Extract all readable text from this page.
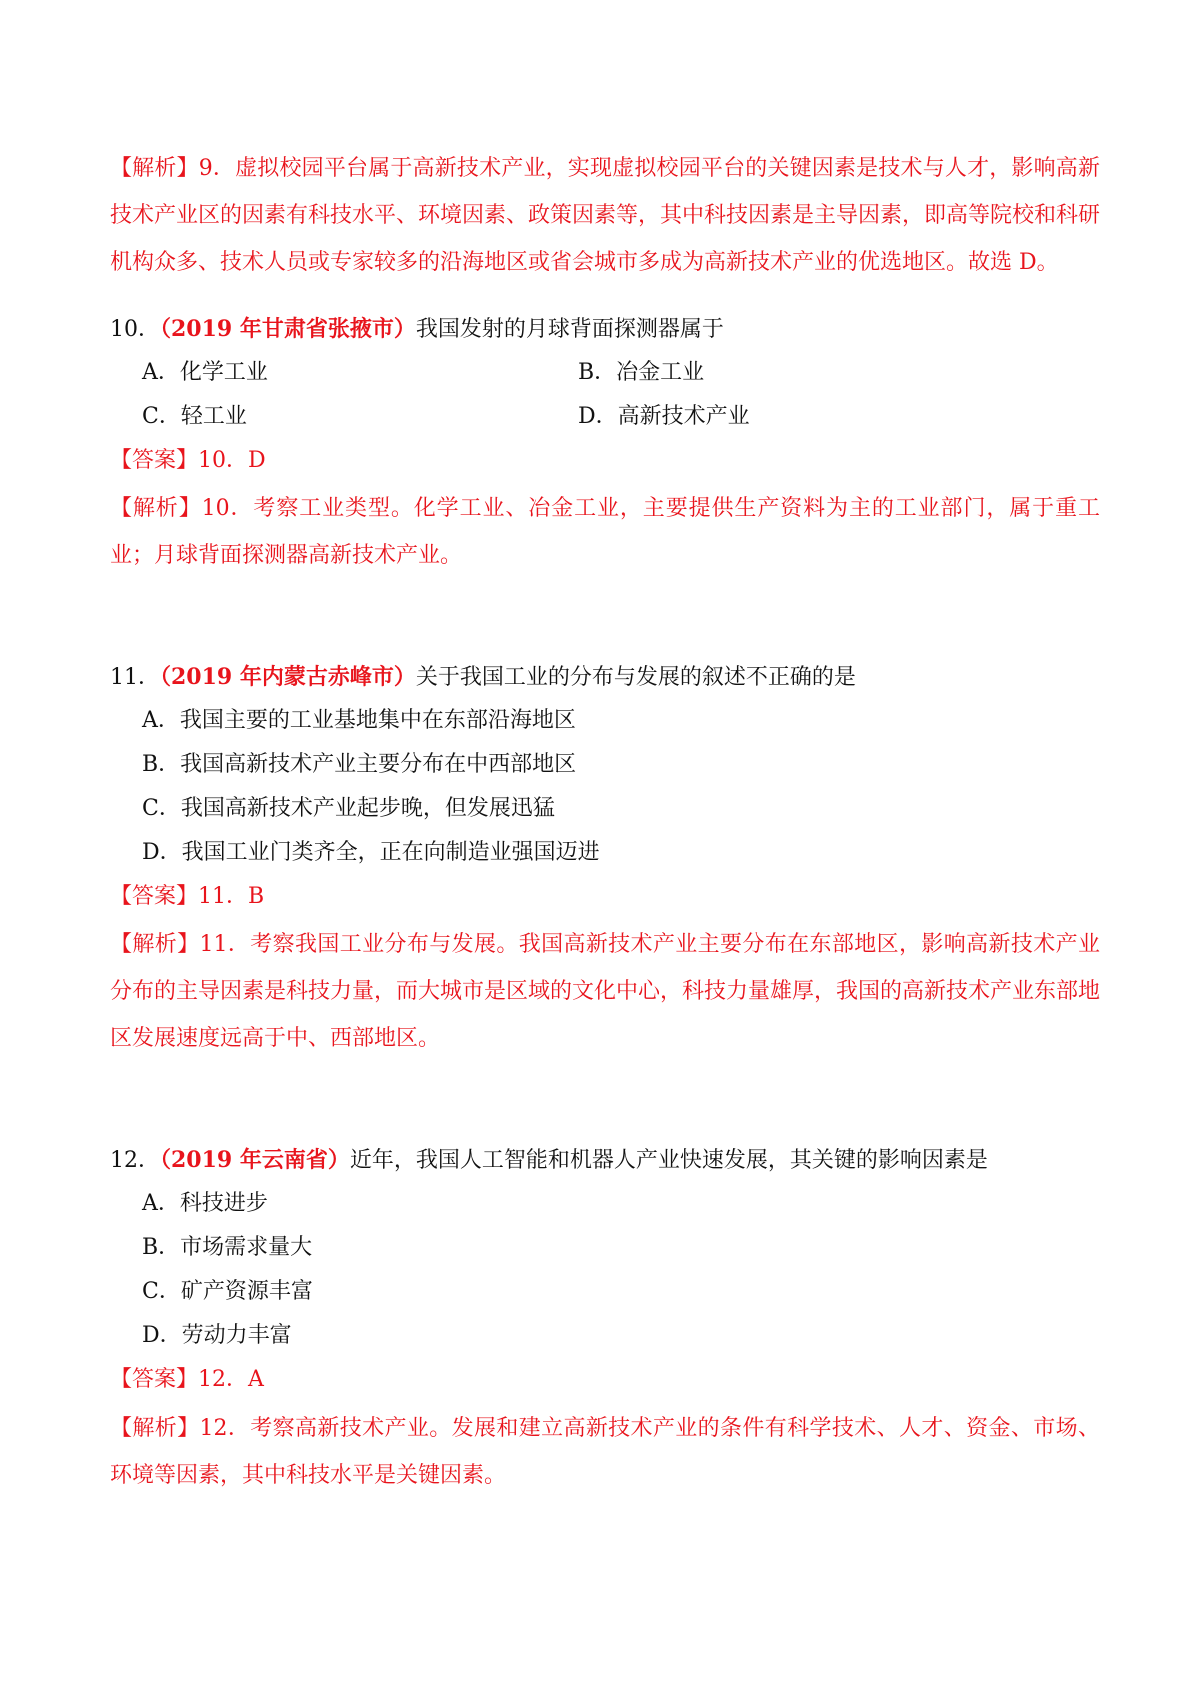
【解析】9．虚拟校园平台属于高新技术产业，实现虚拟校园平台的关键因素是技术与人才，影响高新技术产业区的因素有科技水平、环境因素、政策因素等，其中科技因素是主导因素，即高等院校和科研机构众多、技术人员或专家较多的沿海地区或省会城市多成为高新技术产业的优选地区。故选 D。
10．（2019 年甘肃省张掖市）我国发射的月球背面探测器属于
A．化学工业	B．冶金工业
C．轻工业	D．高新技术产业
【答案】10．D
【解析】10．考察工业类型。化学工业、冶金工业，主要提供生产资料为主的工业部门，属于重工业；月球背面探测器高新技术产业。
11．（2019 年内蒙古赤峰市）关于我国工业的分布与发展的叙述不正确的是
A．我国主要的工业基地集中在东部沿海地区
B．我国高新技术产业主要分布在中西部地区
C．我国高新技术产业起步晚，但发展迅猛
D．我国工业门类齐全，正在向制造业强国迈进
【答案】11．B
【解析】11．考察我国工业分布与发展。我国高新技术产业主要分布在东部地区，影响高新技术产业分布的主导因素是科技力量，而大城市是区域的文化中心，科技力量雄厚，我国的高新技术产业东部地区发展速度远高于中、西部地区。
12．（2019 年云南省）近年，我国人工智能和机器人产业快速发展，其关键的影响因素是
A．科技进步
B．市场需求量大
C．矿产资源丰富
D．劳动力丰富
【答案】12．A
【解析】12．考察高新技术产业。发展和建立高新技术产业的条件有科学技术、人才、资金、市场、环境等因素，其中科技水平是关键因素。
